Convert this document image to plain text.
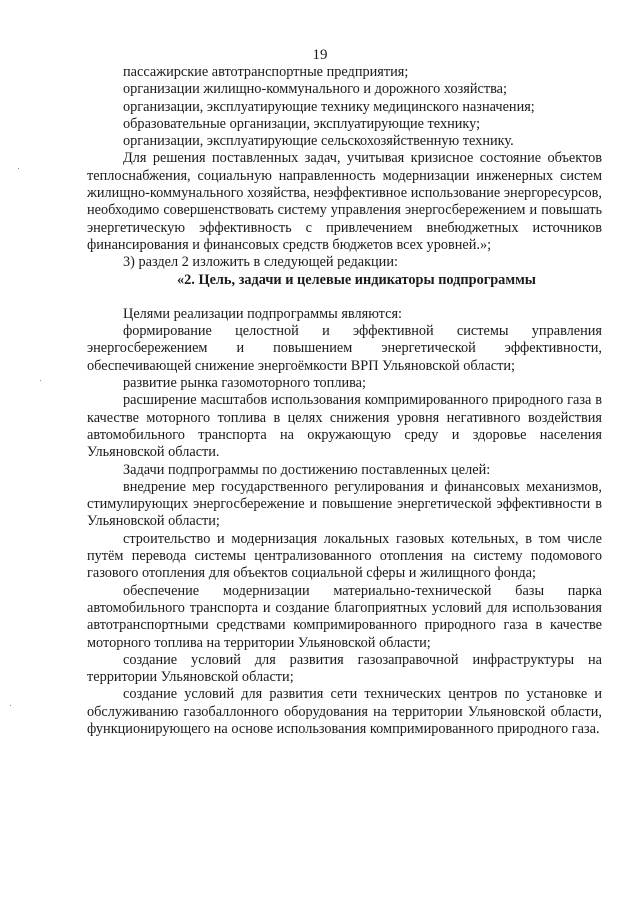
19

пассажирские автотранспортные предприятия;

организации жилищно-коммунального и дорожного хозяйства;

организации, эксплуатирующие технику медицинского назначения;

образовательные организации, эксплуатирующие технику;

организации, эксплуатирующие сельскохозяйственную технику.

Для решения поставленных задач, учитывая кризисное состояние объектов теплоснабжения, социальную направленность модернизации инженерных систем жилищно-коммунального хозяйства, неэффективное использование энергоресурсов, необходимо совершенствовать систему управления энергосбережением и повышать энергетическую эффективность с привлечением внебюджетных источников финансирования и финансовых средств бюджетов всех уровней.»;

3) раздел 2 изложить в следующей редакции:

«2. Цель, задачи и целевые индикаторы подпрограммы

Целями реализации подпрограммы являются:

формирование целостной и эффективной системы управления энергосбережением и повышением энергетической эффективности, обеспечивающей снижение энергоёмкости ВРП Ульяновской области;

развитие рынка газомоторного топлива;

расширение масштабов использования компримированного природного газа в качестве моторного топлива в целях снижения уровня негативного воздействия автомобильного транспорта на окружающую среду и здоровье населения Ульяновской области.

Задачи подпрограммы по достижению поставленных целей:

внедрение мер государственного регулирования и финансовых механизмов, стимулирующих энергосбережение и повышение энергетической эффективности в Ульяновской области;

строительство и модернизация локальных газовых котельных, в том числе путём перевода системы централизованного отопления на систему подомового газового отопления для объектов социальной сферы и жилищного фонда;

обеспечение модернизации материально-технической базы парка автомобильного транспорта и создание благоприятных условий для использования автотранспортными средствами компримированного природного газа в качестве моторного топлива на территории Ульяновской области;

создание условий для развития газозаправочной инфраструктуры на территории Ульяновской области;

создание условий для развития сети технических центров по установке и обслуживанию газобаллонного оборудования на территории Ульяновской области, функционирующего на основе использования компримированного природного газа.
